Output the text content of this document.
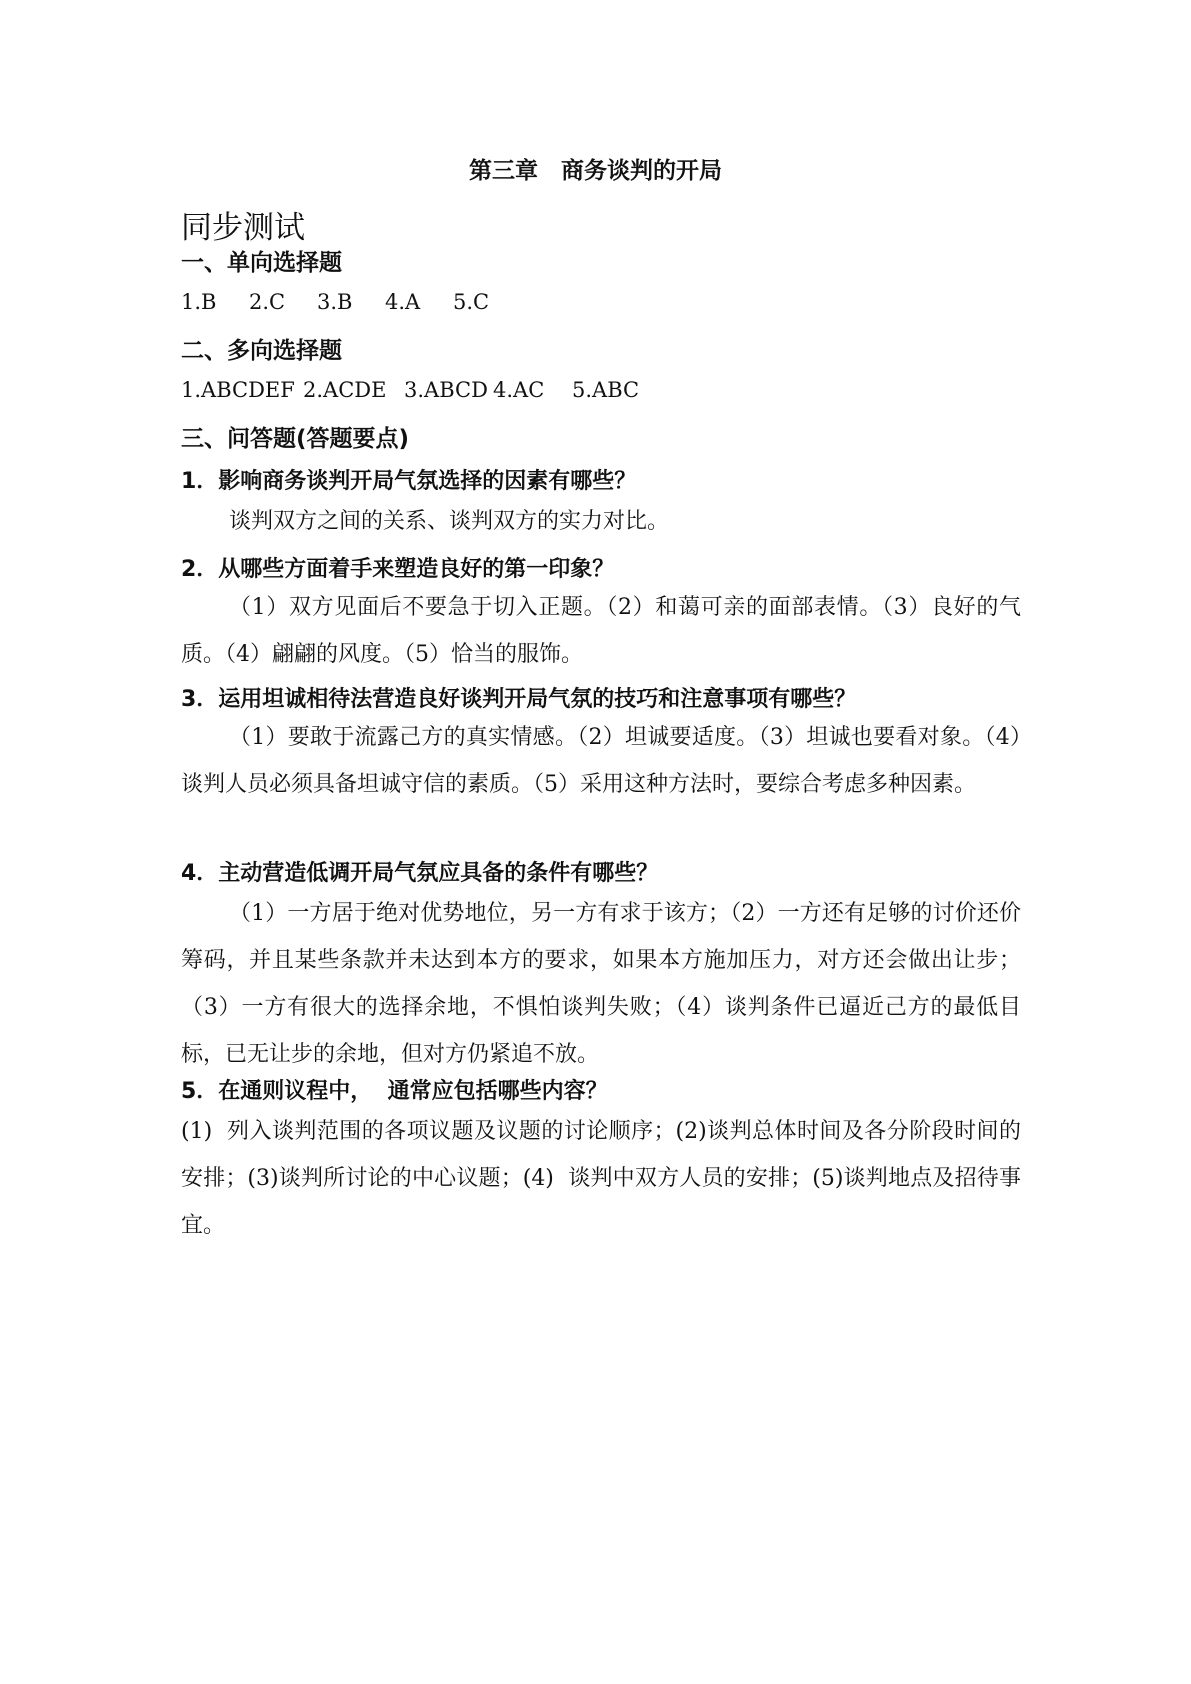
第三章　商务谈判的开局
同步测试
一、单向选择题
1.B	2.C	3.B	4.A	5.C
二、多向选择题
1.ABCDEF 2.ACDE 3.ABCD 4.AC	5.ABC
三、问答题(答题要点)
1．影响商务谈判开局气氛选择的因素有哪些？
谈判双方之间的关系、谈判双方的实力对比。
2．从哪些方面着手来塑造良好的第一印象？
（1）双方见面后不要急于切入正题。（2）和蔼可亲的面部表情。（3）良好的气质。（4）翩翩的风度。（5）恰当的服饰。
3．运用坦诚相待法营造良好谈判开局气氛的技巧和注意事项有哪些？
（1）要敢于流露己方的真实情感。（2）坦诚要适度。（3）坦诚也要看对象。（4）谈判人员必须具备坦诚守信的素质。（5）采用这种方法时，要综合考虑多种因素。
4．主动营造低调开局气氛应具备的条件有哪些？
（1）一方居于绝对优势地位，另一方有求于该方；（2）一方还有足够的讨价还价筹码，并且某些条款并未达到本方的要求，如果本方施加压力，对方还会做出让步；（3）一方有很大的选择余地，不惧怕谈判失败；（4）谈判条件已逼近己方的最低目标，已无让步的余地，但对方仍紧追不放。
5．在通则议程中，  通常应包括哪些内容？
(1)  列入谈判范围的各项议题及议题的讨论顺序；(2)谈判总体时间及各分阶段时间的安排；(3)谈判所讨论的中心议题；(4)  谈判中双方人员的安排；(5)谈判地点及招待事宜。
